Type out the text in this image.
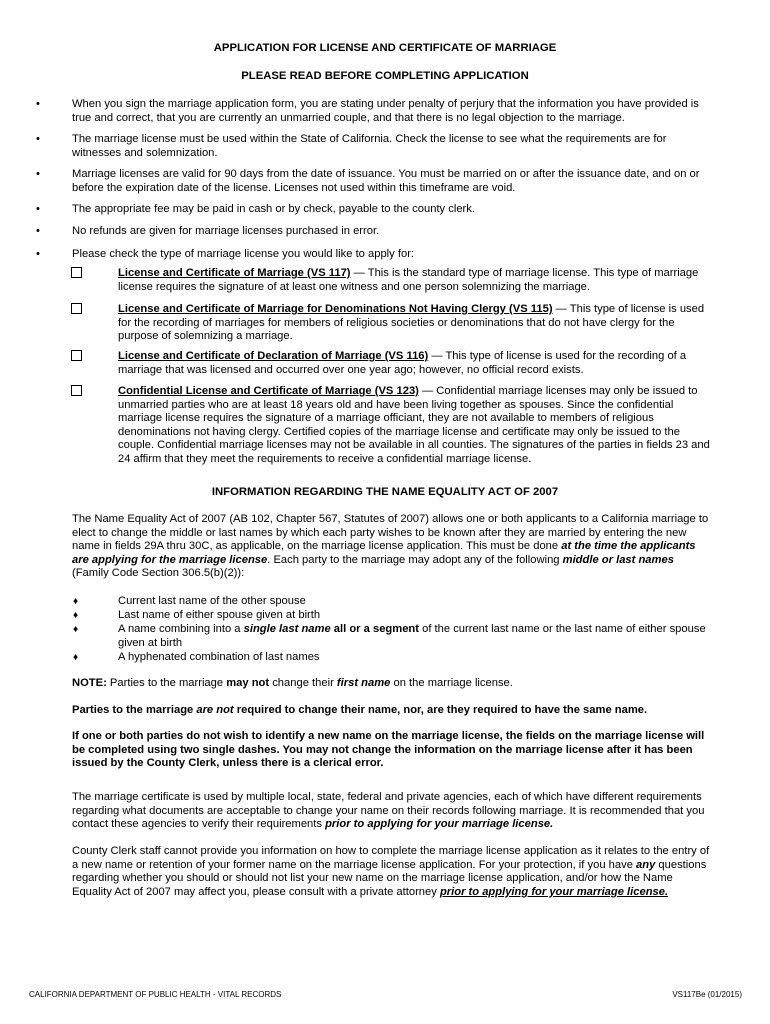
APPLICATION FOR LICENSE AND CERTIFICATE OF MARRIAGE
PLEASE READ BEFORE COMPLETING APPLICATION
•	When you sign the marriage application form, you are stating under penalty of perjury that the information you have provided is true and correct, that you are currently an unmarried couple, and that there is no legal objection to the marriage.
•	The marriage license must be used within the State of California. Check the license to see what the requirements are for witnesses and solemnization.
•	Marriage licenses are valid for 90 days from the date of issuance. You must be married on or after the issuance date, and on or before the expiration date of the license. Licenses not used within this timeframe are void.
•	The appropriate fee may be paid in cash or by check, payable to the county clerk.
•	No refunds are given for marriage licenses purchased in error.
•	Please check the type of marriage license you would like to apply for:
License and Certificate of Marriage (VS 117) — This is the standard type of marriage license. This type of marriage license requires the signature of at least one witness and one person solemnizing the marriage.
License and Certificate of Marriage for Denominations Not Having Clergy (VS 115) — This type of license is used for the recording of marriages for members of religious societies or denominations that do not have clergy for the purpose of solemnizing a marriage.
License and Certificate of Declaration of Marriage (VS 116) — This type of license is used for the recording of a marriage that was licensed and occurred over one year ago; however, no official record exists.
Confidential License and Certificate of Marriage (VS 123) — Confidential marriage licenses may only be issued to unmarried parties who are at least 18 years old and have been living together as spouses. Since the confidential marriage license requires the signature of a marriage officiant, they are not available to members of religious denominations not having clergy. Certified copies of the marriage license and certificate may only be issued to the couple. Confidential marriage licenses may not be available in all counties. The signatures of the parties in fields 23 and 24 affirm that they meet the requirements to receive a confidential marriage license.
INFORMATION REGARDING THE NAME EQUALITY ACT OF 2007
The Name Equality Act of 2007 (AB 102, Chapter 567, Statutes of 2007) allows one or both applicants to a California marriage to elect to change the middle or last names by which each party wishes to be known after they are married by entering the new name in fields 29A thru 30C, as applicable, on the marriage license application. This must be done at the time the applicants are applying for the marriage license. Each party to the marriage may adopt any of the following middle or last names (Family Code Section 306.5(b)(2)):
♦	Current last name of the other spouse
♦	Last name of either spouse given at birth
♦	A name combining into a single last name all or a segment of the current last name or the last name of either spouse given at birth
♦	A hyphenated combination of last names
NOTE: Parties to the marriage may not change their first name on the marriage license.
Parties to the marriage are not required to change their name, nor, are they required to have the same name.
If one or both parties do not wish to identify a new name on the marriage license, the fields on the marriage license will be completed using two single dashes. You may not change the information on the marriage license after it has been issued by the County Clerk, unless there is a clerical error.
The marriage certificate is used by multiple local, state, federal and private agencies, each of which have different requirements regarding what documents are acceptable to change your name on their records following marriage. It is recommended that you contact these agencies to verify their requirements prior to applying for your marriage license.
County Clerk staff cannot provide you information on how to complete the marriage license application as it relates to the entry of a new name or retention of your former name on the marriage license application. For your protection, if you have any questions regarding whether you should or should not list your new name on the marriage license application, and/or how the Name Equality Act of 2007 may affect you, please consult with a private attorney prior to applying for your marriage license.
CALIFORNIA DEPARTMENT OF PUBLIC HEALTH - VITAL RECORDS	VS117Be (01/2015)
